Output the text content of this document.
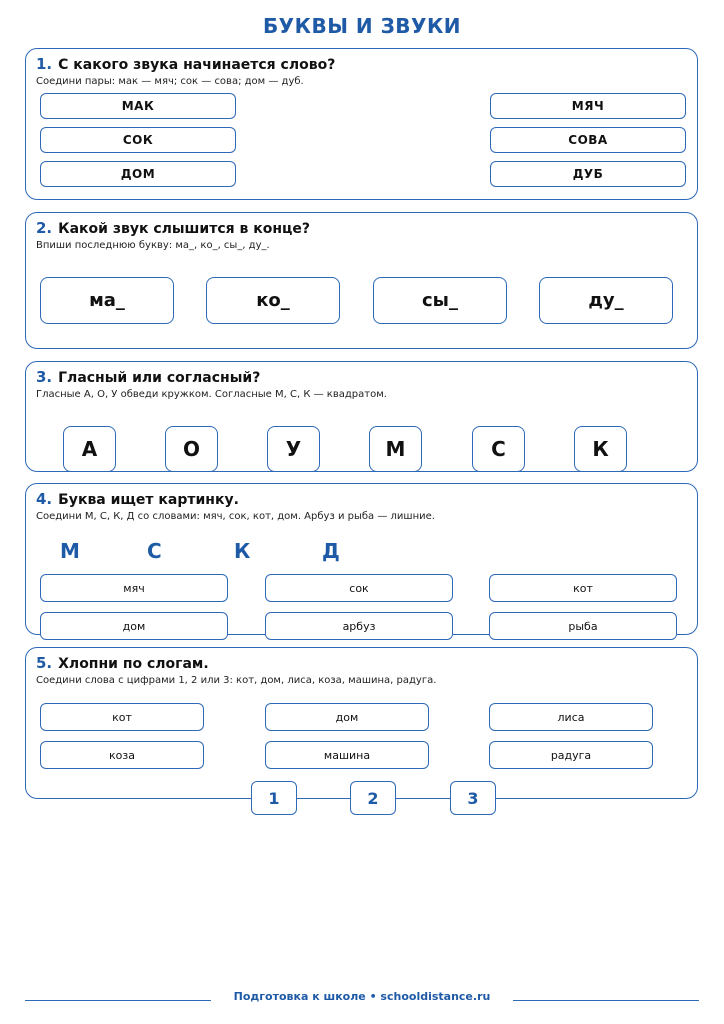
БУКВЫ И ЗВУКИ
1. С какого звука начинается слово?
Соедини пары: мак — мяч; сок — сова; дом — дуб.
МАК
СОК
ДОМ
МЯЧ
СОВА
ДУБ
2. Какой звук слышится в конце?
Впиши последнюю букву: ма_, ко_, сы_, ду_.
ма_	ко_	сы_	ду_
3. Гласный или согласный?
Гласные А, О, У обведи кружком. Согласные М, С, К — квадратом.
А	О	У	М	С	К
4. Буква ищет картинку.
Соедини М, С, К, Д со словами: мяч, сок, кот, дом. Арбуз и рыба — лишние.
М	С	К	Д
мяч	сок	кот
дом	арбуз	рыба
5. Хлопни по слогам.
Соедини слова с цифрами 1, 2 или 3: кот, дом, лиса, коза, машина, радуга.
кот	дом	лиса
коза	машина	радуга
1	2	3
Подготовка к школе • schooldistance.ru
